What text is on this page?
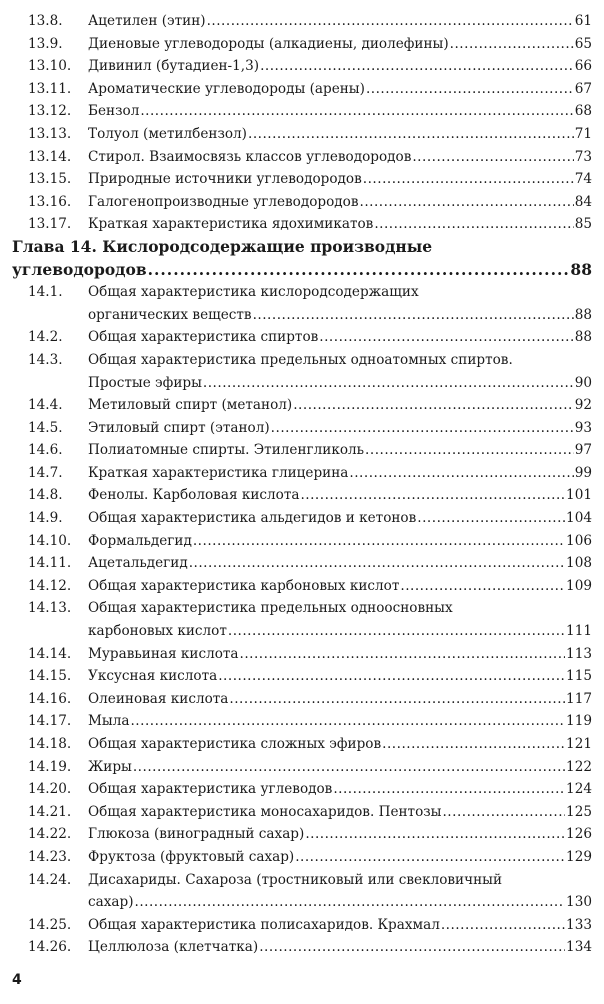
13.8.	Ацетилен (этин) .....	61
13.9.	Диеновые углеводороды (алкадиены, диолефины) .....	65
13.10.	Дивинил (бутадиен-1,3) .....	66
13.11.	Ароматические углеводороды (арены) .....	67
13.12.	Бензол .....	68
13.13.	Толуол (метилбензол) .....	71
13.14.	Стирол. Взаимосвязь классов углеводородов .....	73
13.15.	Природные источники углеводородов .....	74
13.16.	Галогенопроизводные углеводородов .....	84
13.17.	Краткая характеристика ядохимикатов .....	85
Глава 14. Кислородсодержащие производные
углеводородов .....	88
14.1. Общая характеристика кислородсодержащих
органических веществ .....	88
14.2.	Общая характеристика спиртов .....	88
14.3. Общая характеристика предельных одноатомных спиртов.
Простые эфиры .....	90
14.4.	Метиловый спирт (метанол) .....	92
14.5.	Этиловый спирт (этанол) .....	93
14.6.	Полиатомные спирты. Этиленгликоль .....	97
14.7.	Краткая характеристика глицерина .....	99
14.8.	Фенолы. Карболовая кислота .....	101
14.9.	Общая характеристика альдегидов и кетонов .....	104
14.10.	Формальдегид .....	106
14.11.	Ацетальдегид .....	108
14.12.	Общая характеристика карбоновых кислот .....	109
14.13. Общая характеристика предельных одноосновных
карбоновых кислот .....	111
14.14.	Муравьиная кислота .....	113
14.15.	Уксусная кислота .....	115
14.16.	Олеиновая кислота .....	117
14.17.	Мыла .....	119
14.18.	Общая характеристика сложных эфиров .....	121
14.19.	Жиры .....	122
14.20.	Общая характеристика углеводов .....	124
14.21.	Общая характеристика моносахаридов. Пентозы .....	125
14.22.	Глюкоза (виноградный сахар) .....	126
14.23.	Фруктоза (фруктовый сахар) .....	129
14.24. Дисахариды. Сахароза (тростниковый или свекловичный
сахар) .....	130
14.25.	Общая характеристика полисахаридов. Крахмал .....	133
14.26.	Целлюлоза (клетчатка) .....	134
4
